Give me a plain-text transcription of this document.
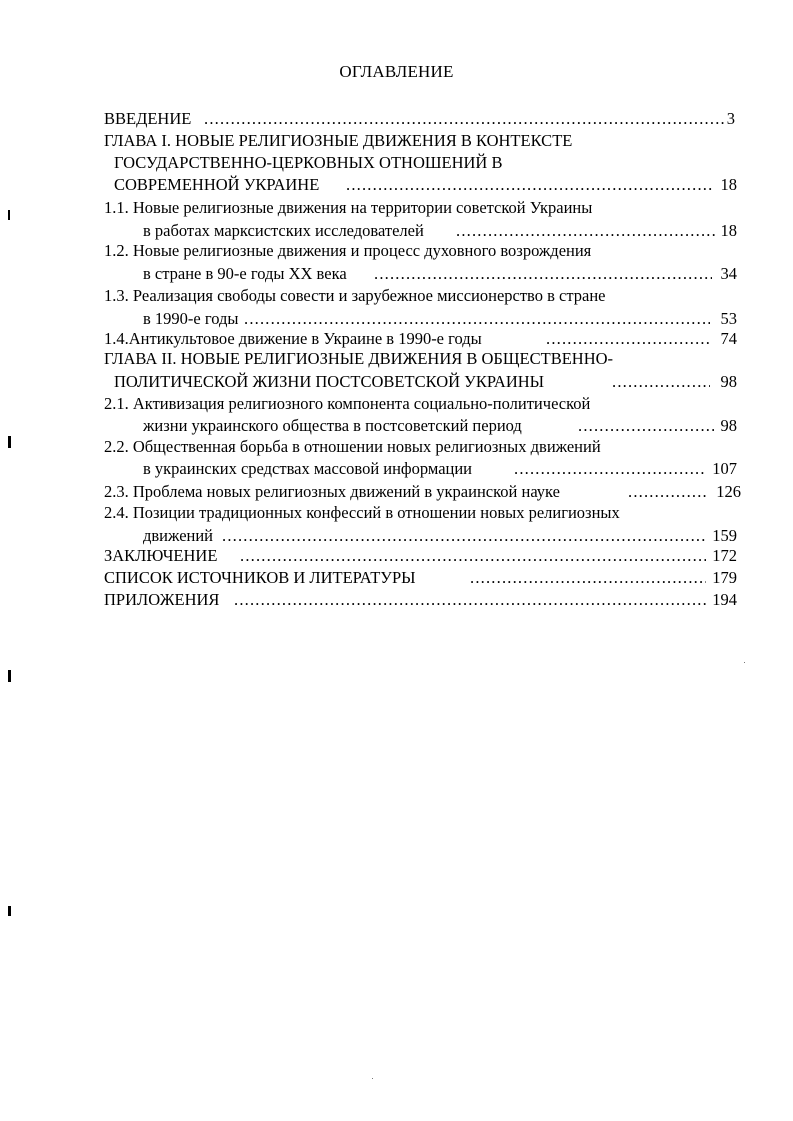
ОГЛАВЛЕНИЕ
ВВЕДЕНИЕ .....	3
ГЛАВА I. НОВЫЕ РЕЛИГИОЗНЫЕ ДВИЖЕНИЯ В КОНТЕКСТЕ
ГОСУДАРСТВЕННО-ЦЕРКОВНЫХ ОТНОШЕНИЙ В
СОВРЕМЕННОЙ УКРАИНЕ .....	18
1.1. Новые религиозные движения на территории советской Украины
в работах марксистских исследователей .....	18
1.2. Новые религиозные движения и процесс духовного возрождения
в стране в 90-е годы XX века .....	34
1.3. Реализация свободы совести и зарубежное миссионерство в стране
в 1990-е годы .....	53
1.4.Антикультовое движение в Украине в 1990-е годы .....	74
ГЛАВА II. НОВЫЕ РЕЛИГИОЗНЫЕ ДВИЖЕНИЯ В ОБЩЕСТВЕННО-
ПОЛИТИЧЕСКОЙ ЖИЗНИ ПОСТСОВЕТСКОЙ УКРАИНЫ .....	98
2.1. Активизация религиозного компонента социально-политической
жизни украинского общества в постсоветский период .....	98
2.2. Общественная борьба в отношении новых религиозных движений
в украинских средствах массовой информации .....	107
2.3. Проблема новых религиозных движений в украинской науке .....	126
2.4. Позиции традиционных конфессий в отношении новых религиозных
движений .....	159
ЗАКЛЮЧЕНИЕ .....	172
СПИСОК ИСТОЧНИКОВ И ЛИТЕРАТУРЫ .....	179
ПРИЛОЖЕНИЯ .....	194
